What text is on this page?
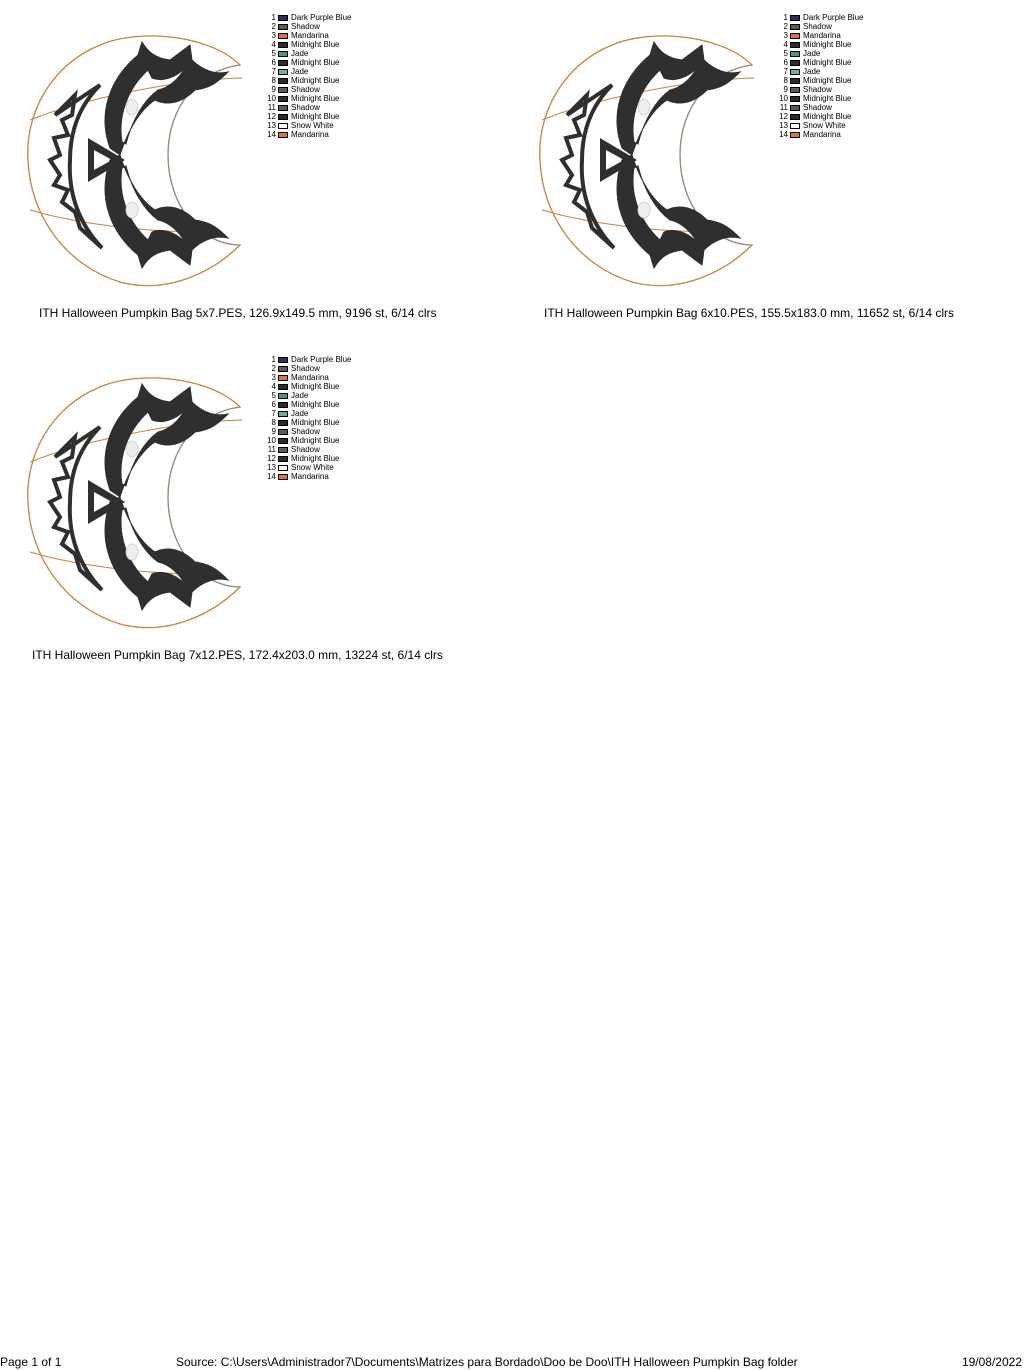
1 Dark Purple Blue
2 Shadow
3 Mandarina
4 Midnight Blue
5 Jade
6 Midnight Blue
7 Jade
8 Midnight Blue
9 Shadow
10 Midnight Blue
11 Shadow
12 Midnight Blue
13 Snow White
14 Mandarina
ITH Halloween Pumpkin Bag 5x7.PES, 126.9x149.5 mm, 9196 st, 6/14 clrs
1 Dark Purple Blue
2 Shadow
3 Mandarina
4 Midnight Blue
5 Jade
6 Midnight Blue
7 Jade
8 Midnight Blue
9 Shadow
10 Midnight Blue
11 Shadow
12 Midnight Blue
13 Snow White
14 Mandarina
ITH Halloween Pumpkin Bag 6x10.PES, 155.5x183.0 mm, 11652 st, 6/14 clrs
1 Dark Purple Blue
2 Shadow
3 Mandarina
4 Midnight Blue
5 Jade
6 Midnight Blue
7 Jade
8 Midnight Blue
9 Shadow
10 Midnight Blue
11 Shadow
12 Midnight Blue
13 Snow White
14 Mandarina
ITH Halloween Pumpkin Bag 7x12.PES, 172.4x203.0 mm, 13224 st, 6/14 clrs
Page 1 of 1	Source: C:\Users\Administrador7\Documents\Matrizes para Bordado\Doo be Doo\ITH Halloween Pumpkin Bag folder	19/08/2022
